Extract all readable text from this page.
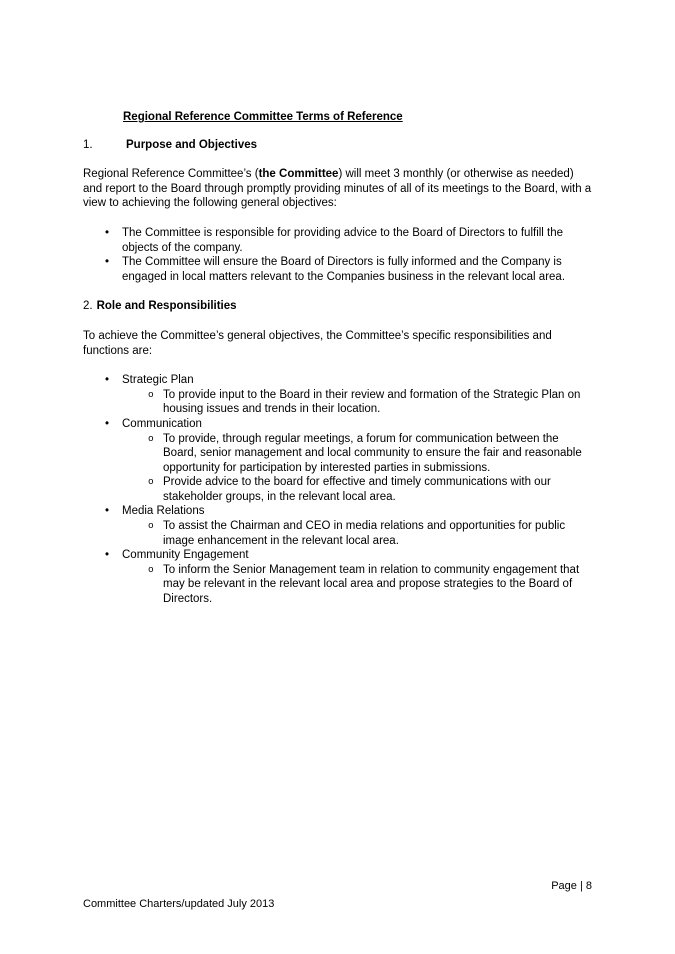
Regional Reference Committee Terms of Reference
1.	Purpose and Objectives

Regional Reference Committee’s (the Committee) will meet 3 monthly (or otherwise as needed) and report to the Board through promptly providing minutes of all of its meetings to the Board, with a view to achieving the following general objectives:

•	The Committee is responsible for providing advice to the Board of Directors to fulfill the objects of the company.
•	The Committee will ensure the Board of Directors is fully informed and the Company is engaged in local matters relevant to the Companies business in the relevant local area.
2. Role and Responsibilities

To achieve the Committee’s general objectives, the Committee’s specific responsibilities and functions are:

•	Strategic Plan
o To provide input to the Board in their review and formation of the Strategic Plan on housing issues and trends in their location.
•	Communication
o To provide, through regular meetings, a forum for communication between the Board, senior management and local community to ensure the fair and reasonable opportunity for participation by interested parties in submissions.
o Provide advice to the board for effective and timely communications with our stakeholder groups, in the relevant local area.
•	Media Relations
o To assist the Chairman and CEO in media relations and opportunities for public image enhancement in the relevant local area.
•	Community Engagement
o To inform the Senior Management team in relation to community engagement that may be relevant in the relevant local area and propose strategies to the Board of Directors.
Page | 8
Committee Charters/updated July 2013
